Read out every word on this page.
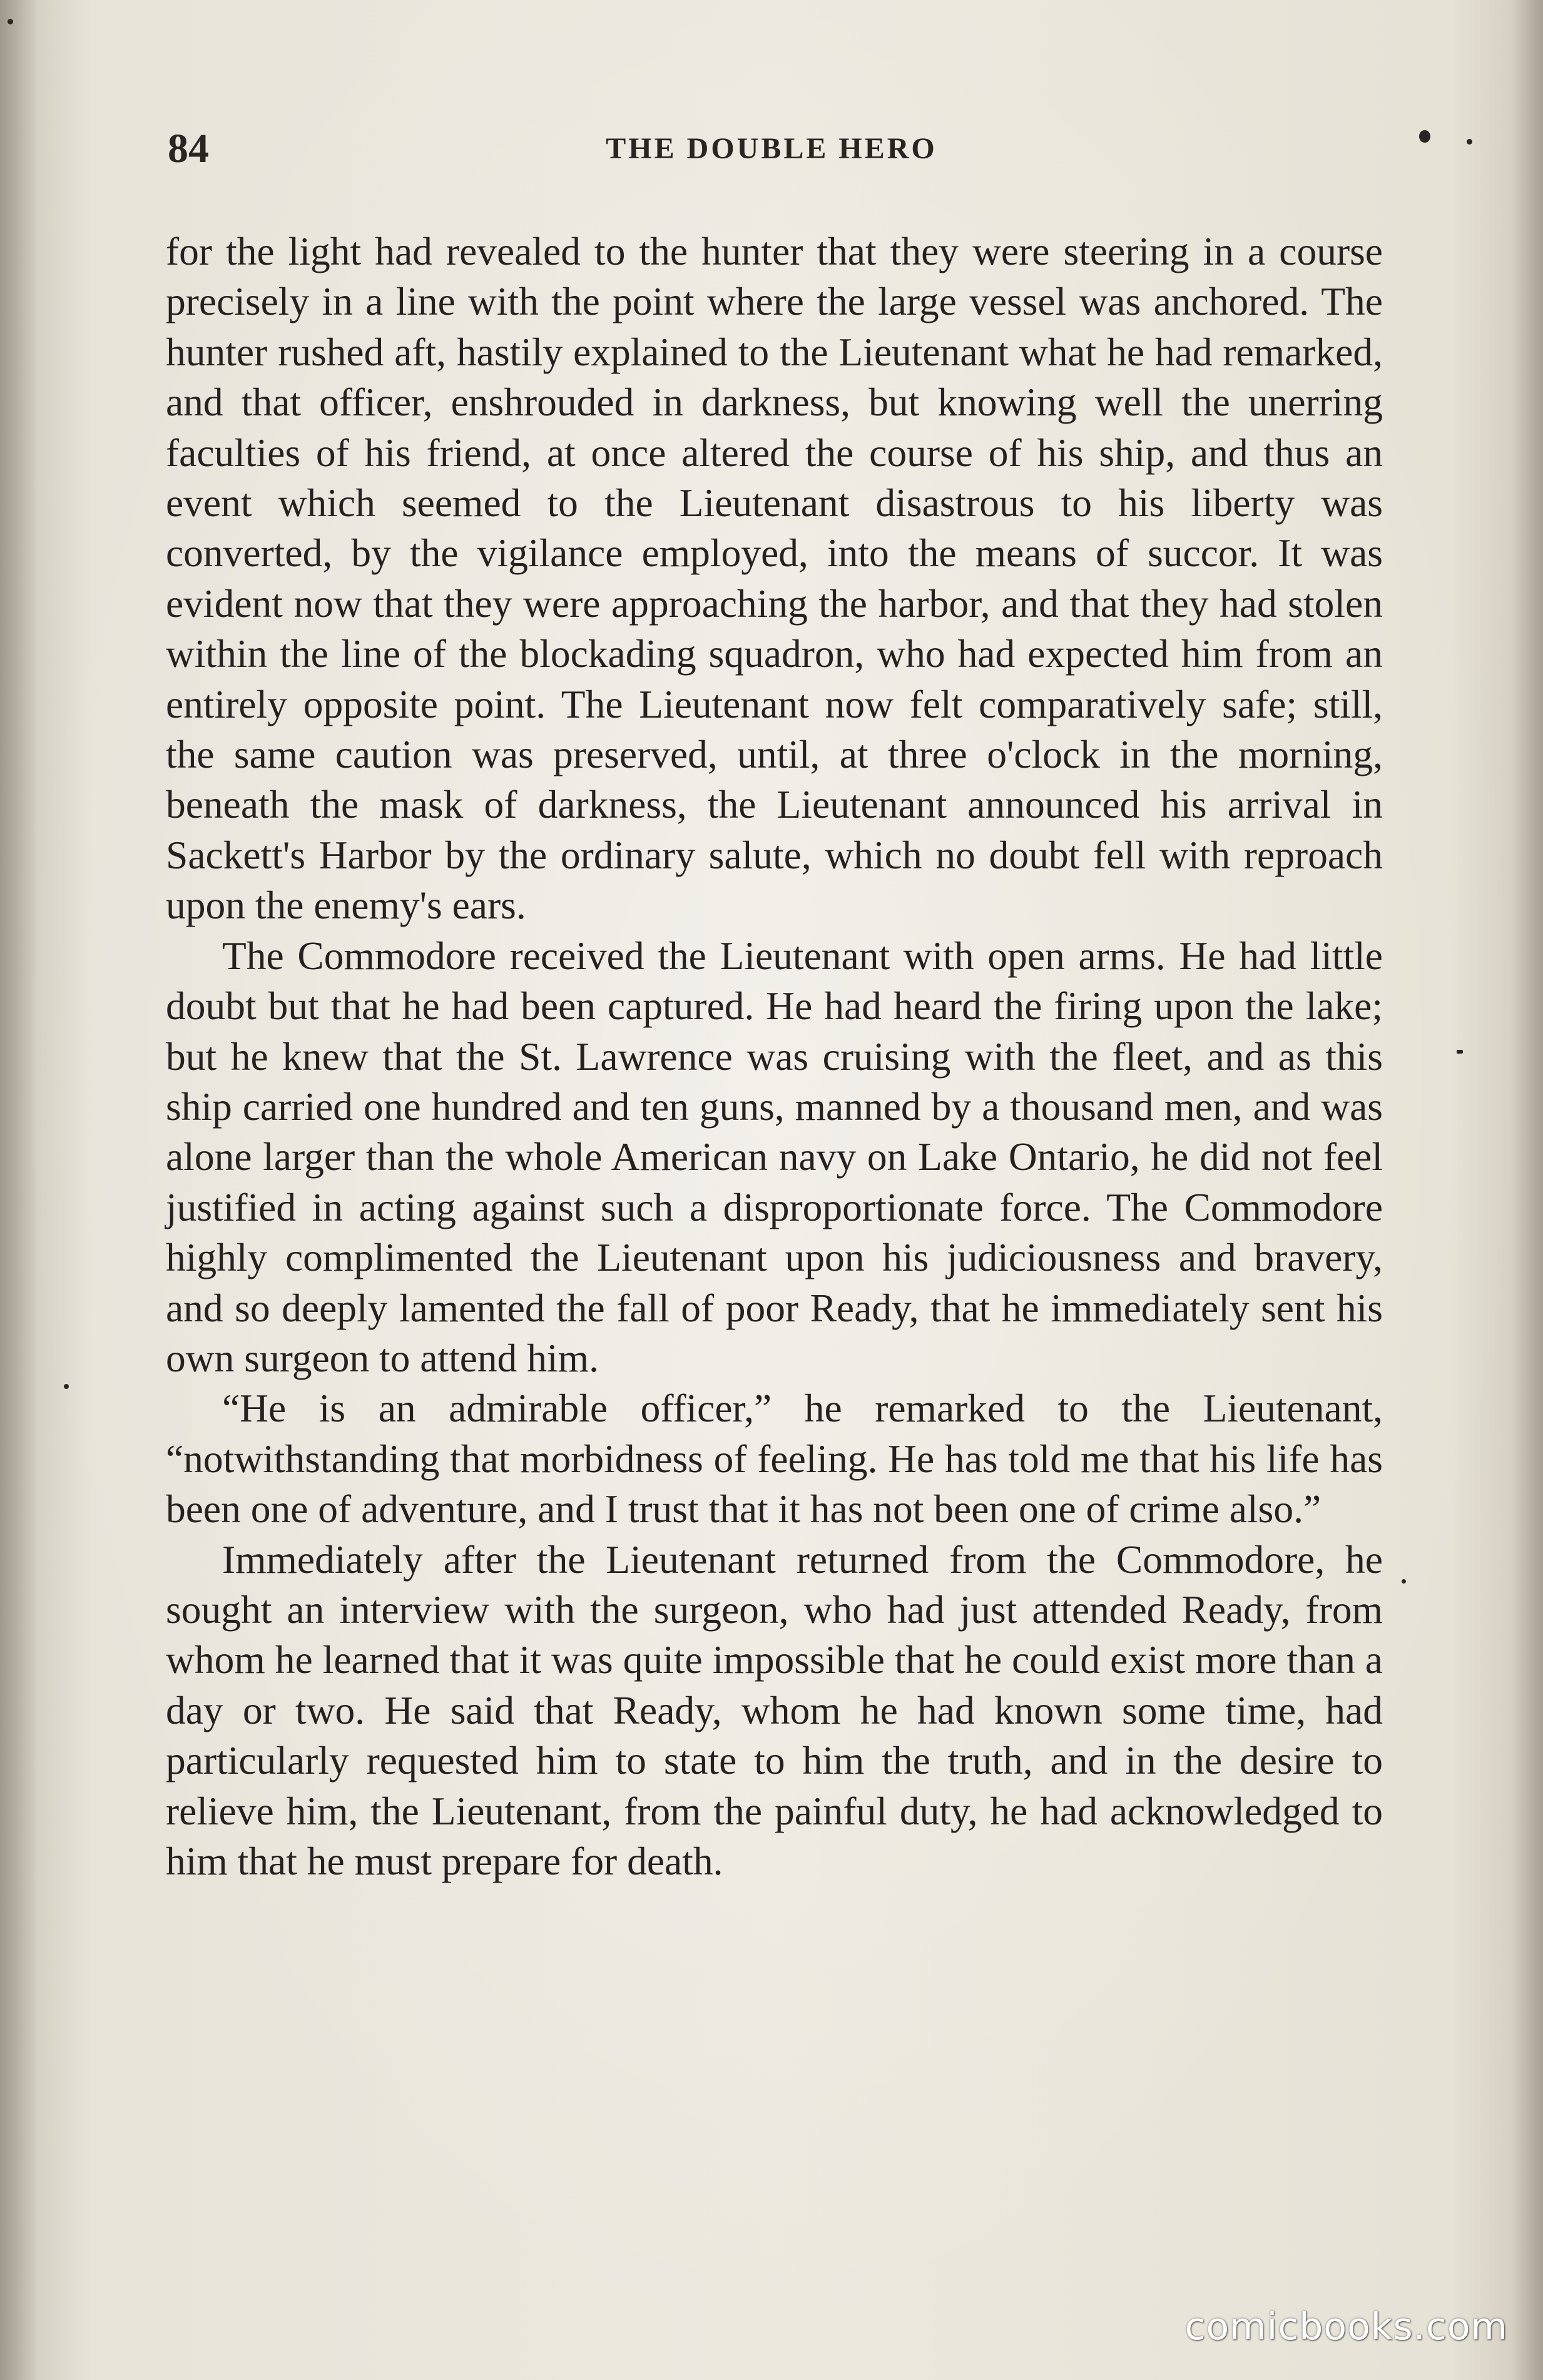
84	THE DOUBLE HERO

for the light had revealed to the hunter that they were steering in a course precisely in a line with the point where the large vessel was anchored. The hunter rushed aft, hastily explained to the Lieutenant what he had remarked, and that officer, enshrouded in darkness, but knowing well the unerring faculties of his friend, at once altered the course of his ship, and thus an event which seemed to the Lieutenant disastrous to his liberty was converted, by the vigilance employed, into the means of succor. It was evident now that they were approaching the harbor, and that they had stolen within the line of the blockading squadron, who had expected him from an entirely opposite point. The Lieutenant now felt comparatively safe; still, the same caution was preserved, until, at three o'clock in the morning, beneath the mask of darkness, the Lieutenant announced his arrival in Sackett's Harbor by the ordinary salute, which no doubt fell with reproach upon the enemy's ears.

The Commodore received the Lieutenant with open arms. He had little doubt but that he had been captured. He had heard the firing upon the lake; but he knew that the St. Lawrence was cruising with the fleet, and as this ship carried one hundred and ten guns, manned by a thousand men, and was alone larger than the whole American navy on Lake Ontario, he did not feel justified in acting against such a disproportionate force. The Commodore highly complimented the Lieutenant upon his judiciousness and bravery, and so deeply lamented the fall of poor Ready, that he immediately sent his own surgeon to attend him.

“He is an admirable officer,” he remarked to the Lieutenant, “notwithstanding that morbidness of feeling. He has told me that his life has been one of adventure, and I trust that it has not been one of crime also.”

Immediately after the Lieutenant returned from the Commodore, he sought an interview with the surgeon, who had just attended Ready, from whom he learned that it was quite impossible that he could exist more than a day or two. He said that Ready, whom he had known some time, had particularly requested him to state to him the truth, and in the desire to relieve him, the Lieutenant, from the painful duty, he had acknowledged to him that he must prepare for death.

comicbooks.com
